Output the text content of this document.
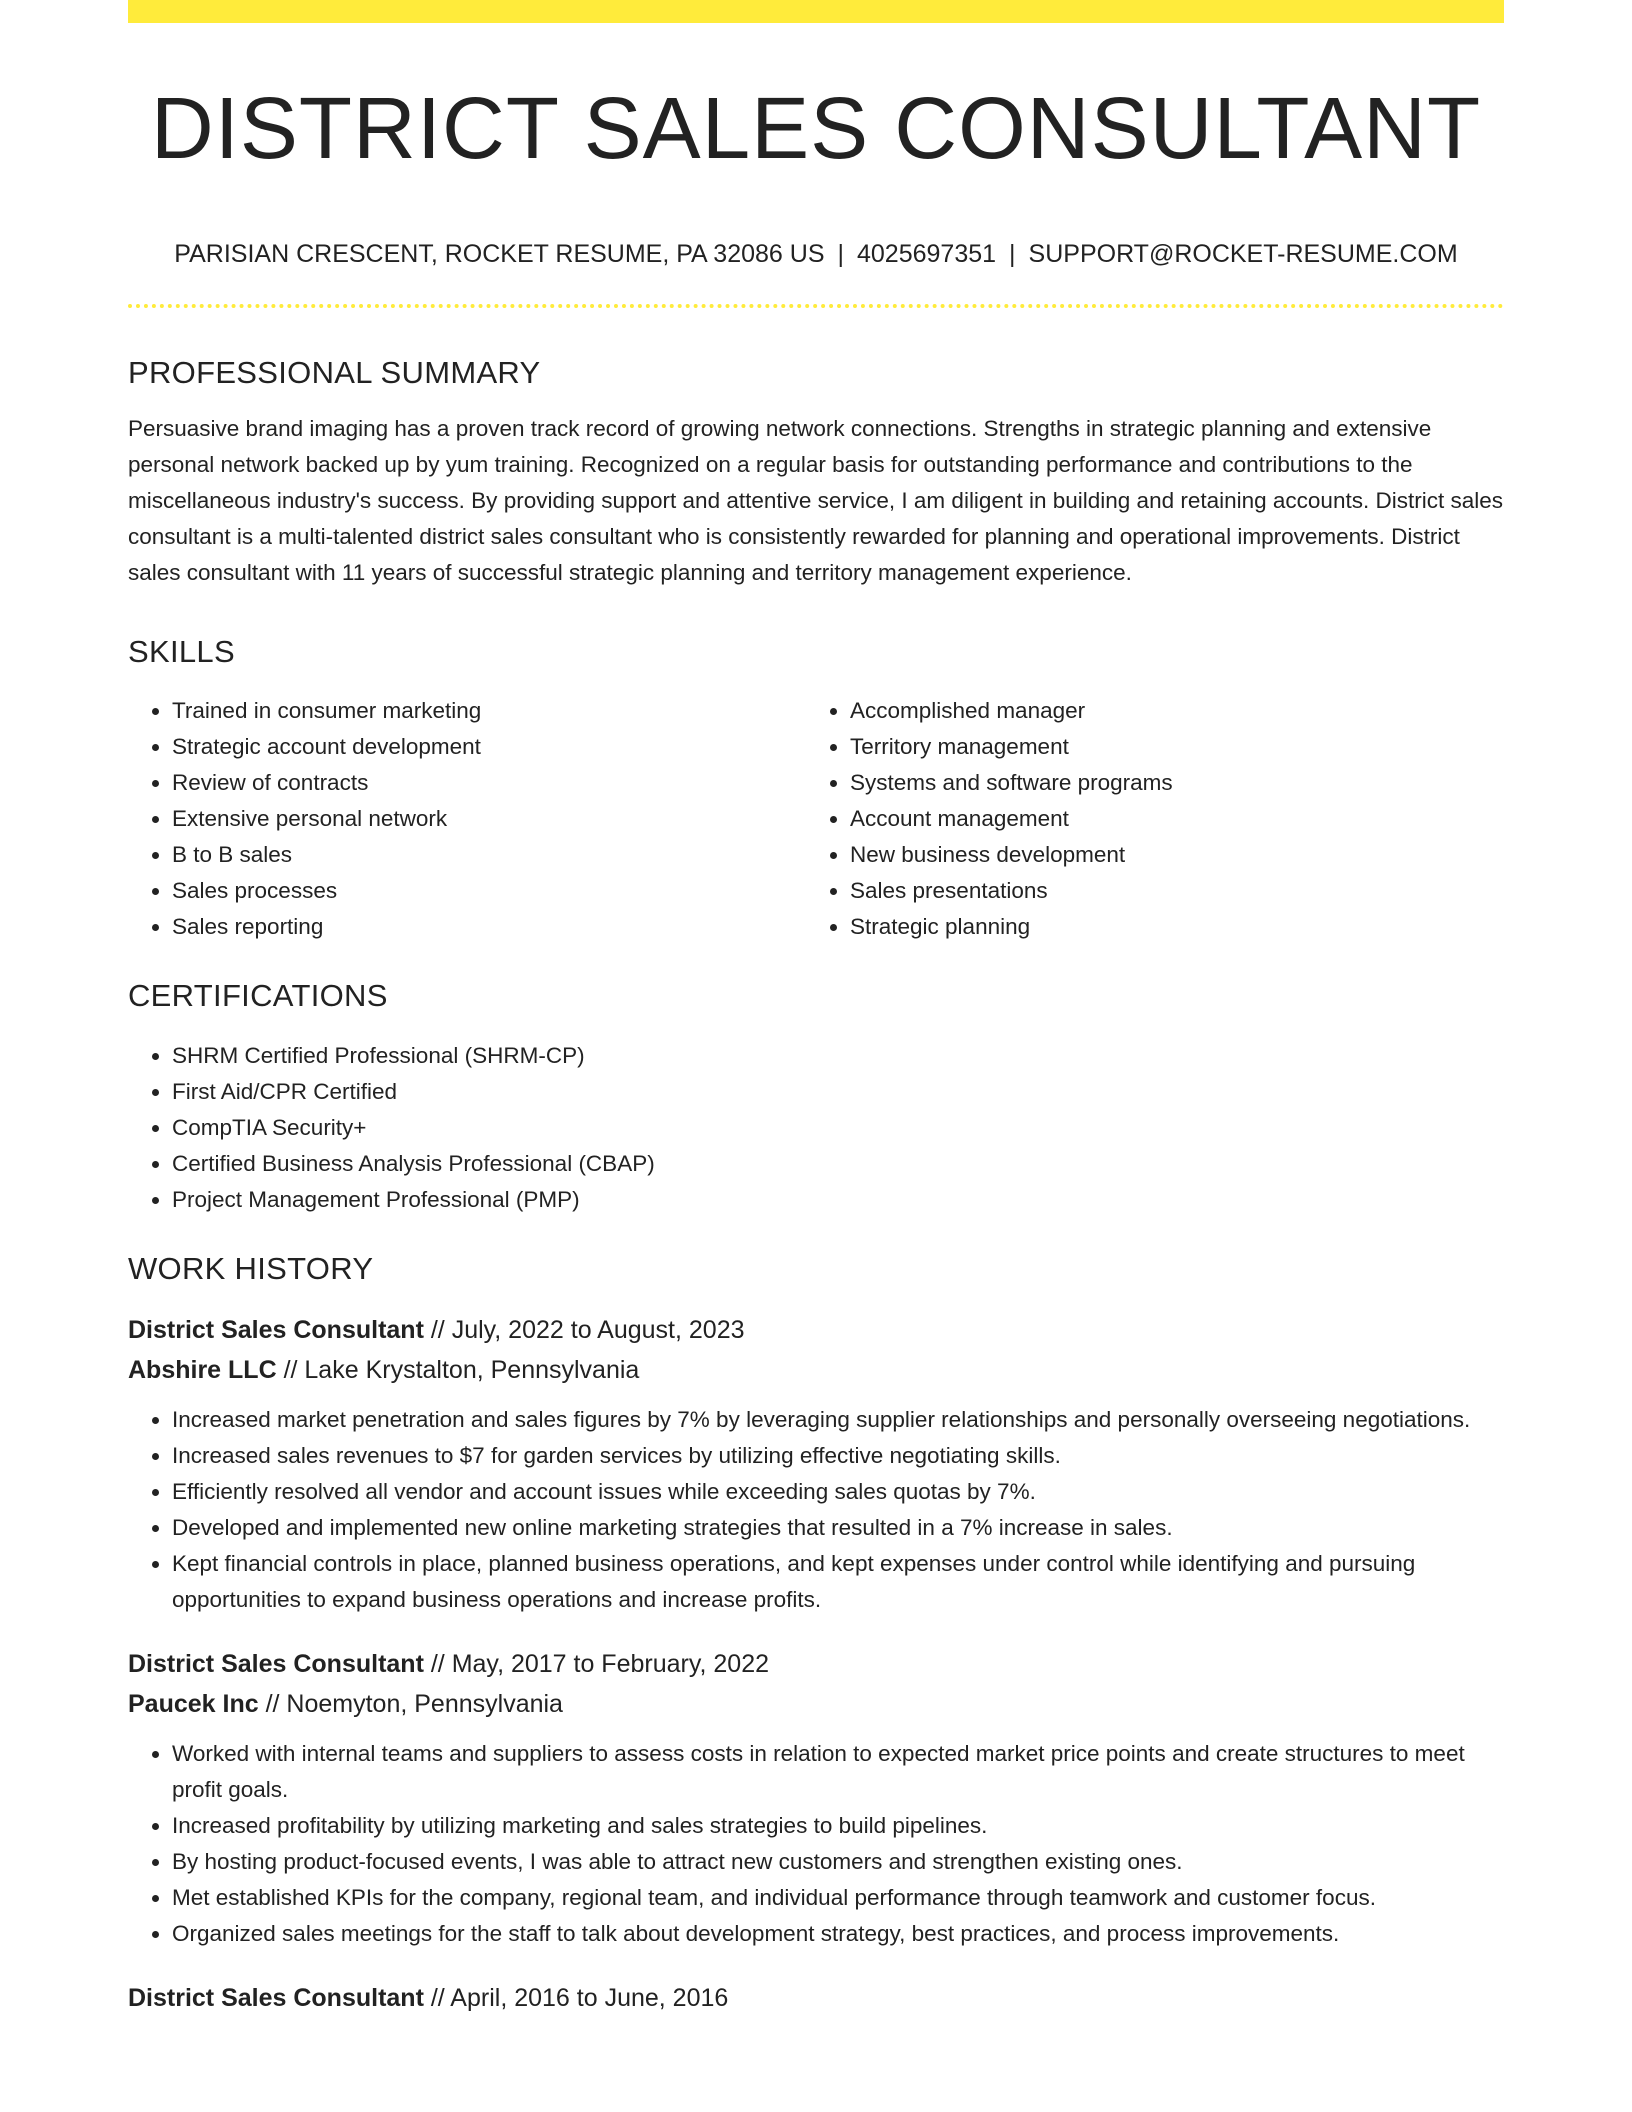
DISTRICT SALES CONSULTANT
PARISIAN CRESCENT, ROCKET RESUME, PA 32086 US | 4025697351 | SUPPORT@ROCKET-RESUME.COM
PROFESSIONAL SUMMARY

Persuasive brand imaging has a proven track record of growing network connections. Strengths in strategic planning and extensive personal network backed up by yum training. Recognized on a regular basis for outstanding performance and contributions to the miscellaneous industry's success. By providing support and attentive service, I am diligent in building and retaining accounts. District sales consultant is a multi-talented district sales consultant who is consistently rewarded for planning and operational improvements. District sales consultant with 11 years of successful strategic planning and territory management experience.

SKILLS
• Trained in consumer marketing
• Strategic account development
• Review of contracts
• Extensive personal network
• B to B sales
• Sales processes
• Sales reporting
• Accomplished manager
• Territory management
• Systems and software programs
• Account management
• New business development
• Sales presentations
• Strategic planning
CERTIFICATIONS
• SHRM Certified Professional (SHRM-CP)
• First Aid/CPR Certified
• CompTIA Security+
• Certified Business Analysis Professional (CBAP)
• Project Management Professional (PMP)
WORK HISTORY
District Sales Consultant // July, 2022 to August, 2023
Abshire LLC // Lake Krystalton, Pennsylvania
• Increased market penetration and sales figures by 7% by leveraging supplier relationships and personally overseeing negotiations.
• Increased sales revenues to $7 for garden services by utilizing effective negotiating skills.
• Efficiently resolved all vendor and account issues while exceeding sales quotas by 7%.
• Developed and implemented new online marketing strategies that resulted in a 7% increase in sales.
• Kept financial controls in place, planned business operations, and kept expenses under control while identifying and pursuing opportunities to expand business operations and increase profits.
District Sales Consultant // May, 2017 to February, 2022
Paucek Inc // Noemyton, Pennsylvania
• Worked with internal teams and suppliers to assess costs in relation to expected market price points and create structures to meet profit goals.
• Increased profitability by utilizing marketing and sales strategies to build pipelines.
• By hosting product-focused events, I was able to attract new customers and strengthen existing ones.
• Met established KPIs for the company, regional team, and individual performance through teamwork and customer focus.
• Organized sales meetings for the staff to talk about development strategy, best practices, and process improvements.
District Sales Consultant // April, 2016 to June, 2016
